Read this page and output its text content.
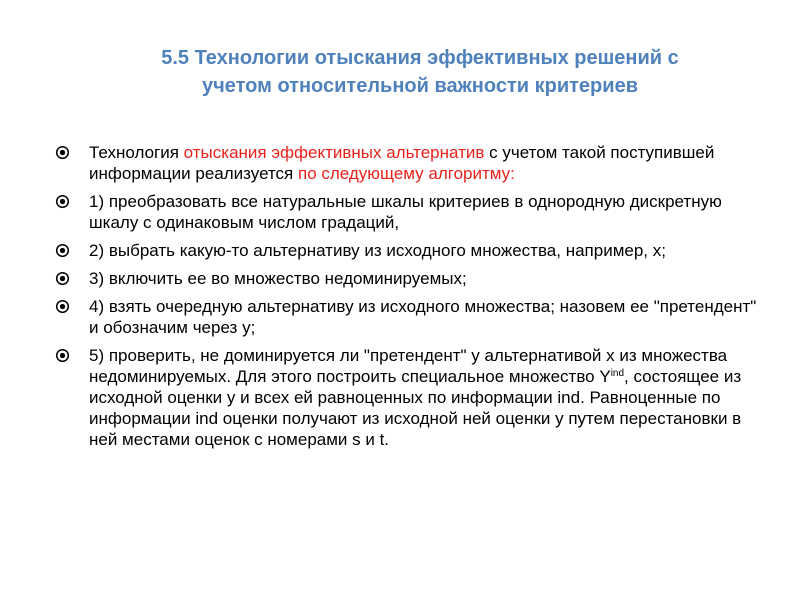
5.5 Технологии отыскания эффективных решений с
учетом относительной важности критериев
Технология отыскания эффективных альтернатив с учетом такой поступившей информации реализуется по следующему алгоритму:
1) преобразовать все натуральные шкалы критериев в однородную дискретную шкалу с одинаковым числом градаций,
2) выбрать какую-то альтернативу из исходного множества, например, x;
3) включить ее во множество недоминируемых;
4) взять очередную альтернативу из исходного множества; назовем ее "претендент" и обозначим через y;
5) проверить, не доминируется ли "претендент" y альтернативой x из множества недоминируемых. Для этого построить специальное множество $Y^{ind}$, состоящее из исходной оценки y и всех ей равноценных по информации ind. Равноценные по информации ind оценки получают из исходной ней оценки y путем перестановки в ней местами оценок с номерами s и t.
